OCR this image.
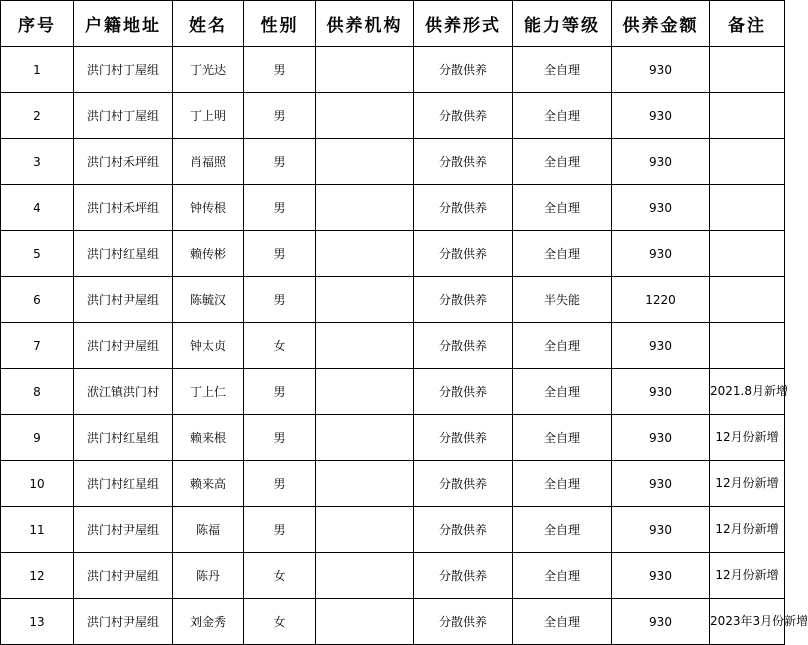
序号	户籍地址	姓名	性别	供养机构	供养形式	能力等级	供养金额	备注
1	洪门村丁屋组	丁光达	男		分散供养	全自理	930	
2	洪门村丁屋组	丁上明	男		分散供养	全自理	930	
3	洪门村禾坪组	肖福照	男		分散供养	全自理	930	
4	洪门村禾坪组	钟传根	男		分散供养	全自理	930	
5	洪门村红星组	赖传彬	男		分散供养	全自理	930	
6	洪门村尹屋组	陈毓汉	男		分散供养	半失能	1220	
7	洪门村尹屋组	钟太贞	女		分散供养	全自理	930	
8	洑江镇洪门村	丁上仁	男		分散供养	全自理	930	2021.8月新增
9	洪门村红星组	赖来根	男		分散供养	全自理	930	12月份新增
10	洪门村红星组	赖来高	男		分散供养	全自理	930	12月份新增
11	洪门村尹屋组	陈福	男		分散供养	全自理	930	12月份新增
12	洪门村尹屋组	陈丹	女		分散供养	全自理	930	12月份新增
13	洪门村尹屋组	刘金秀	女		分散供养	全自理	930	2023年3月份新增
